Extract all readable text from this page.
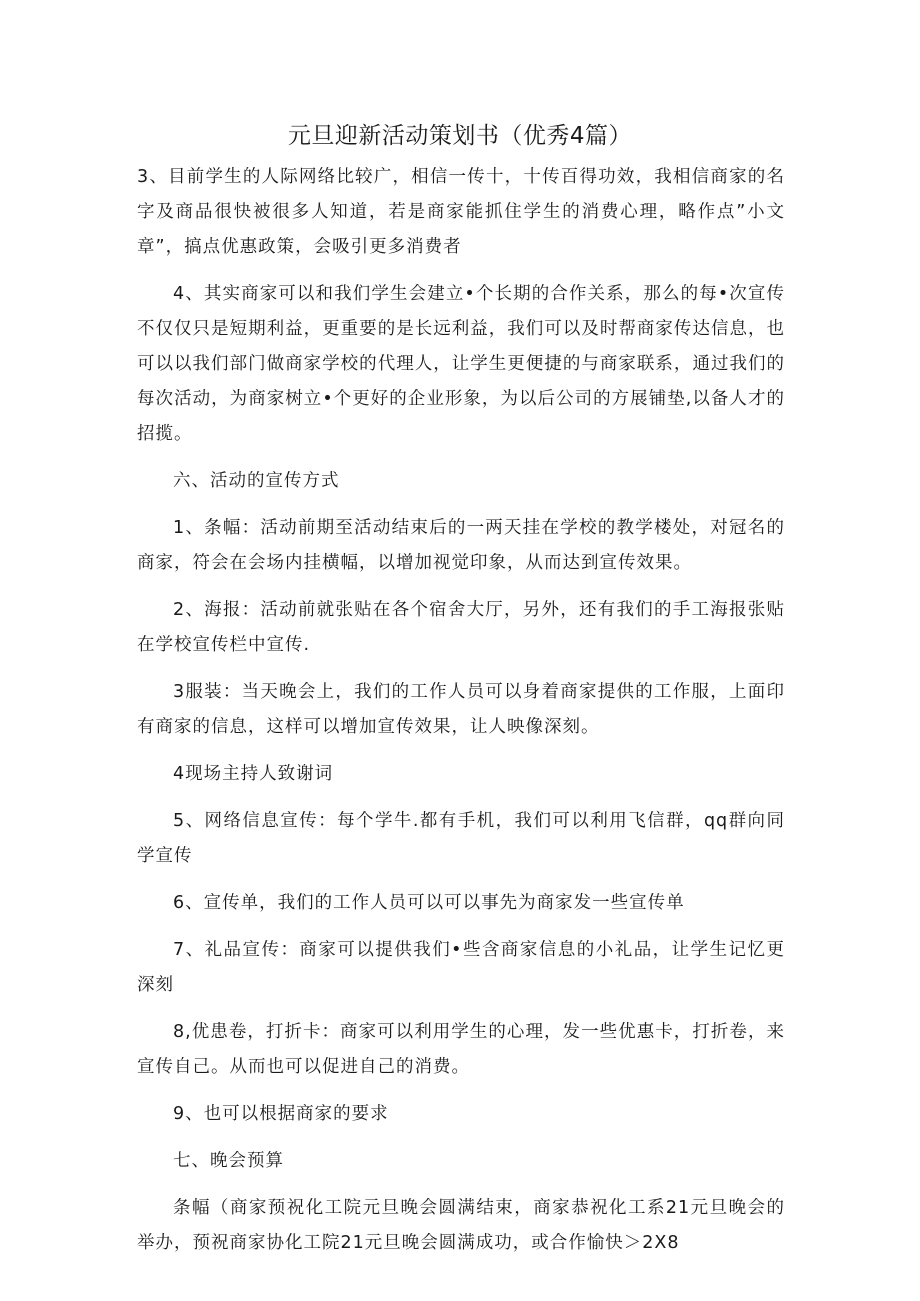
元旦迎新活动策划书（优秀4篇）

3、目前学生的人际网络比较广，相信一传十，十传百得功效，我相信商家的名字及商品很快被很多人知道，若是商家能抓住学生的消费心理，略作点”小文章”，搞点优惠政策，会吸引更多消费者

4、其实商家可以和我们学生会建立•个长期的合作关系，那么的每•次宣传不仅仅只是短期利益，更重要的是长远利益，我们可以及时帮商家传达信息，也可以以我们部门做商家学校的代理人，让学生更便捷的与商家联系，通过我们的每次活动，为商家树立•个更好的企业形象，为以后公司的方展铺垫,以备人才的招揽。

六、活动的宣传方式

1、条幅：活动前期至活动结束后的一两天挂在学校的教学楼处，对冠名的商家，符会在会场内挂横幅，以增加视觉印象，从而达到宣传效果。

2、海报：活动前就张贴在各个宿舍大厅，另外，还有我们的手工海报张贴在学校宣传栏中宣传.

3服装：当天晚会上，我们的工作人员可以身着商家提供的工作服，上面印有商家的信息，这样可以增加宣传效果，让人映像深刻。

4现场主持人致谢词

5、网络信息宣传：每个学牛.都有手机，我们可以利用飞信群，qq群向同学宣传

6、宣传单，我们的工作人员可以可以事先为商家发一些宣传单

7、礼品宣传：商家可以提供我们•些含商家信息的小礼品，让学生记忆更深刻

8,优患卷，打折卡：商家可以利用学生的心理，发一些优惠卡，打折卷，来宣传自己。从而也可以促进自己的消费。

9、也可以根据商家的要求

七、晚会预算

条幅（商家预祝化工院元旦晚会圆满结束，商家恭祝化工系21元旦晚会的举办，预祝商家协化工院21元旦晚会圆满成功，或合作愉快＞2X8
